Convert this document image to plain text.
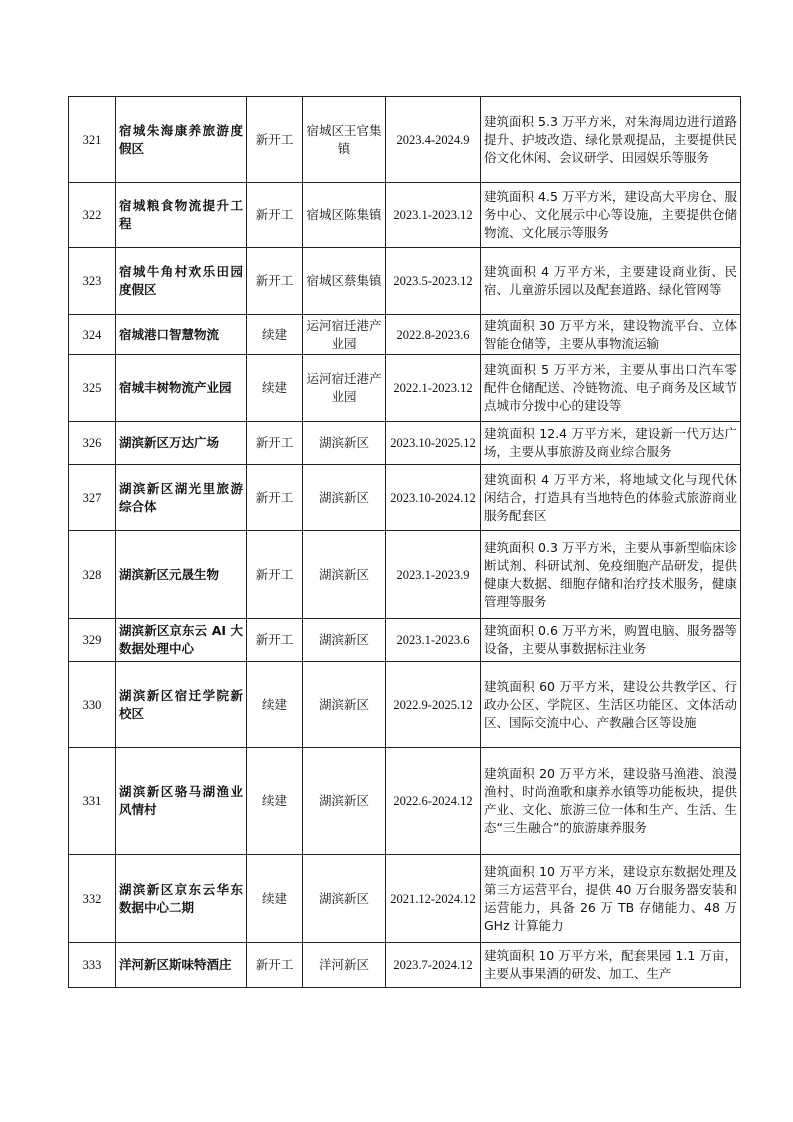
321	宿城朱海康养旅游度假区	新开工	宿城区王官集镇	2023.4-2024.9	建筑面积 5.3 万平方米，对朱海周边进行道路提升、护坡改造、绿化景观提品，主要提供民俗文化休闲、会议研学、田园娱乐等服务
322	宿城粮食物流提升工程	新开工	宿城区陈集镇	2023.1-2023.12	建筑面积 4.5 万平方米，建设高大平房仓、服务中心、文化展示中心等设施，主要提供仓储物流、文化展示等服务
323	宿城牛角村欢乐田园度假区	新开工	宿城区蔡集镇	2023.5-2023.12	建筑面积 4 万平方米，主要建设商业街、民宿、儿童游乐园以及配套道路、绿化管网等
324	宿城港口智慧物流	续建	运河宿迁港产业园	2022.8-2023.6	建筑面积 30 万平方米，建设物流平台、立体智能仓储等，主要从事物流运输
325	宿城丰树物流产业园	续建	运河宿迁港产业园	2022.1-2023.12	建筑面积 5 万平方米，主要从事出口汽车零配件仓储配送、冷链物流、电子商务及区域节点城市分拨中心的建设等
326	湖滨新区万达广场	新开工	湖滨新区	2023.10-2025.12	建筑面积 12.4 万平方米，建设新一代万达广场，主要从事旅游及商业综合服务
327	湖滨新区湖光里旅游综合体	新开工	湖滨新区	2023.10-2024.12	建筑面积 4 万平方米，将地域文化与现代休闲结合，打造具有当地特色的体验式旅游商业服务配套区
328	湖滨新区元晟生物	新开工	湖滨新区	2023.1-2023.9	建筑面积 0.3 万平方米，主要从事新型临床诊断试剂、科研试剂、免疫细胞产品研发，提供健康大数据、细胞存储和治疗技术服务，健康管理等服务
329	湖滨新区京东云 AI 大数据处理中心	新开工	湖滨新区	2023.1-2023.6	建筑面积 0.6 万平方米，购置电脑、服务器等设备，主要从事数据标注业务
330	湖滨新区宿迁学院新校区	续建	湖滨新区	2022.9-2025.12	建筑面积 60 万平方米，建设公共教学区、行政办公区、学院区、生活区功能区、文体活动区、国际交流中心、产教融合区等设施
331	湖滨新区骆马湖渔业风情村	续建	湖滨新区	2022.6-2024.12	建筑面积 20 万平方米，建设骆马渔港、浪漫渔村、时尚渔歌和康养水镇等功能板块，提供产业、文化、旅游三位一体和生产、生活、生态“三生融合”的旅游康养服务
332	湖滨新区京东云华东数据中心二期	续建	湖滨新区	2021.12-2024.12	建筑面积 10 万平方米，建设京东数据处理及第三方运营平台，提供 40 万台服务器安装和运营能力，具备 26 万 TB 存储能力、48 万 GHz 计算能力
333	洋河新区斯味特酒庄	新开工	洋河新区	2023.7-2024.12	建筑面积 10 万平方米，配套果园 1.1 万亩，主要从事果酒的研发、加工、生产
